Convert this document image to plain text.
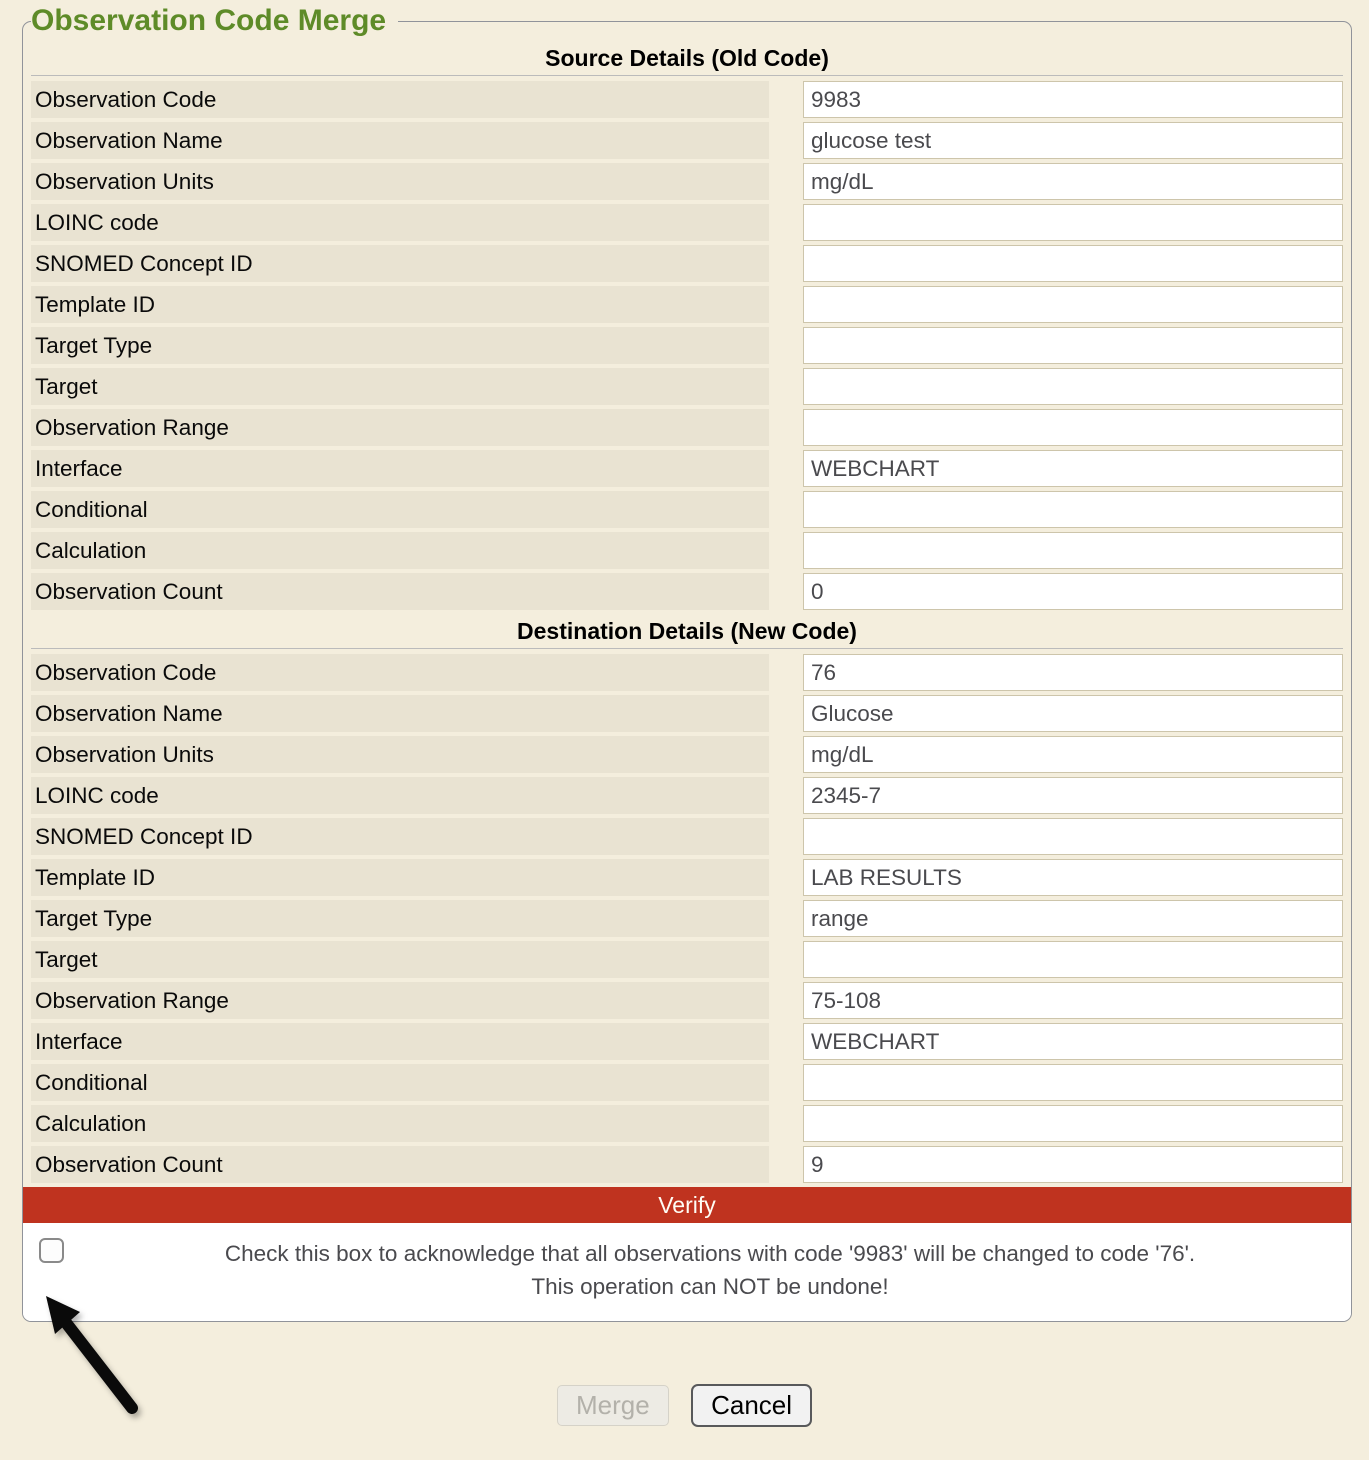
Observation Code Merge
Source Details (Old Code)
Observation Code	9983
Observation Name	glucose test
Observation Units	mg/dL
LOINC code
SNOMED Concept ID
Template ID
Target Type
Target
Observation Range
Interface	WEBCHART
Conditional
Calculation
Observation Count	0
Destination Details (New Code)
Observation Code	76
Observation Name	Glucose
Observation Units	mg/dL
LOINC code	2345-7
SNOMED Concept ID
Template ID	LAB RESULTS
Target Type	range
Target
Observation Range	75-108
Interface	WEBCHART
Conditional
Calculation
Observation Count	9
Verify
Check this box to acknowledge that all observations with code '9983' will be changed to code '76'.
This operation can NOT be undone!
Merge Cancel
